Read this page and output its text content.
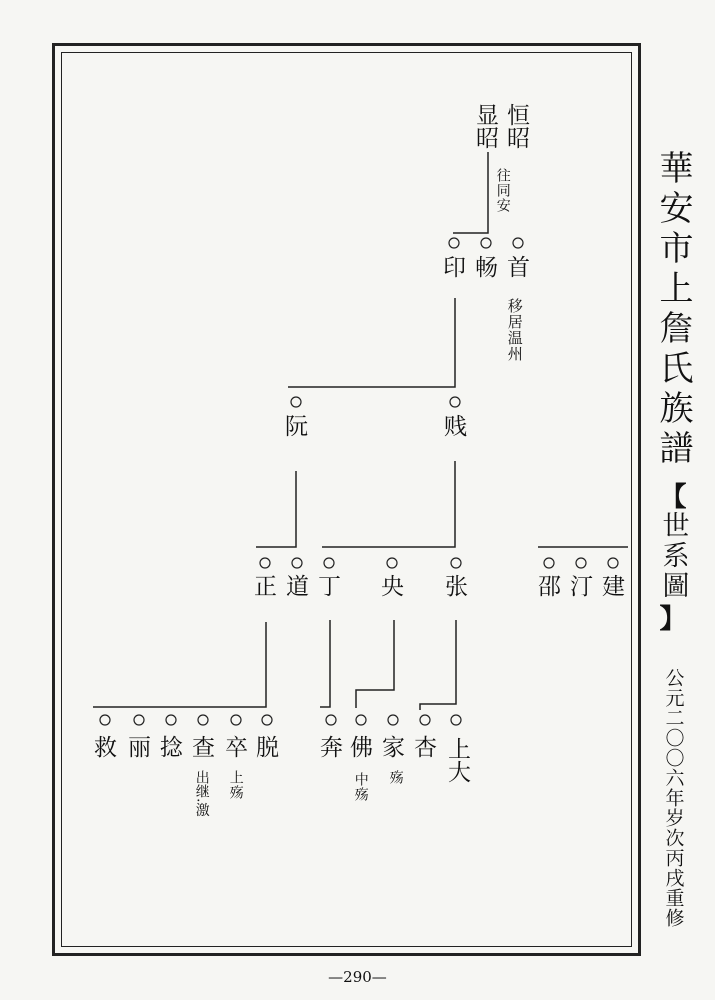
恒昭
显昭
往同安
印 畅 首
移居温州
阮	贱
正 道 丁 央 张	邵 汀 建
救 丽 捻 查
出继.激
卒
上殇
脱 奔 佛
中殇
家
殇
杏 上大
華安市上詹氏族譜
【
世系圖
】
公元二〇〇六年岁次丙戌重修
—290—
